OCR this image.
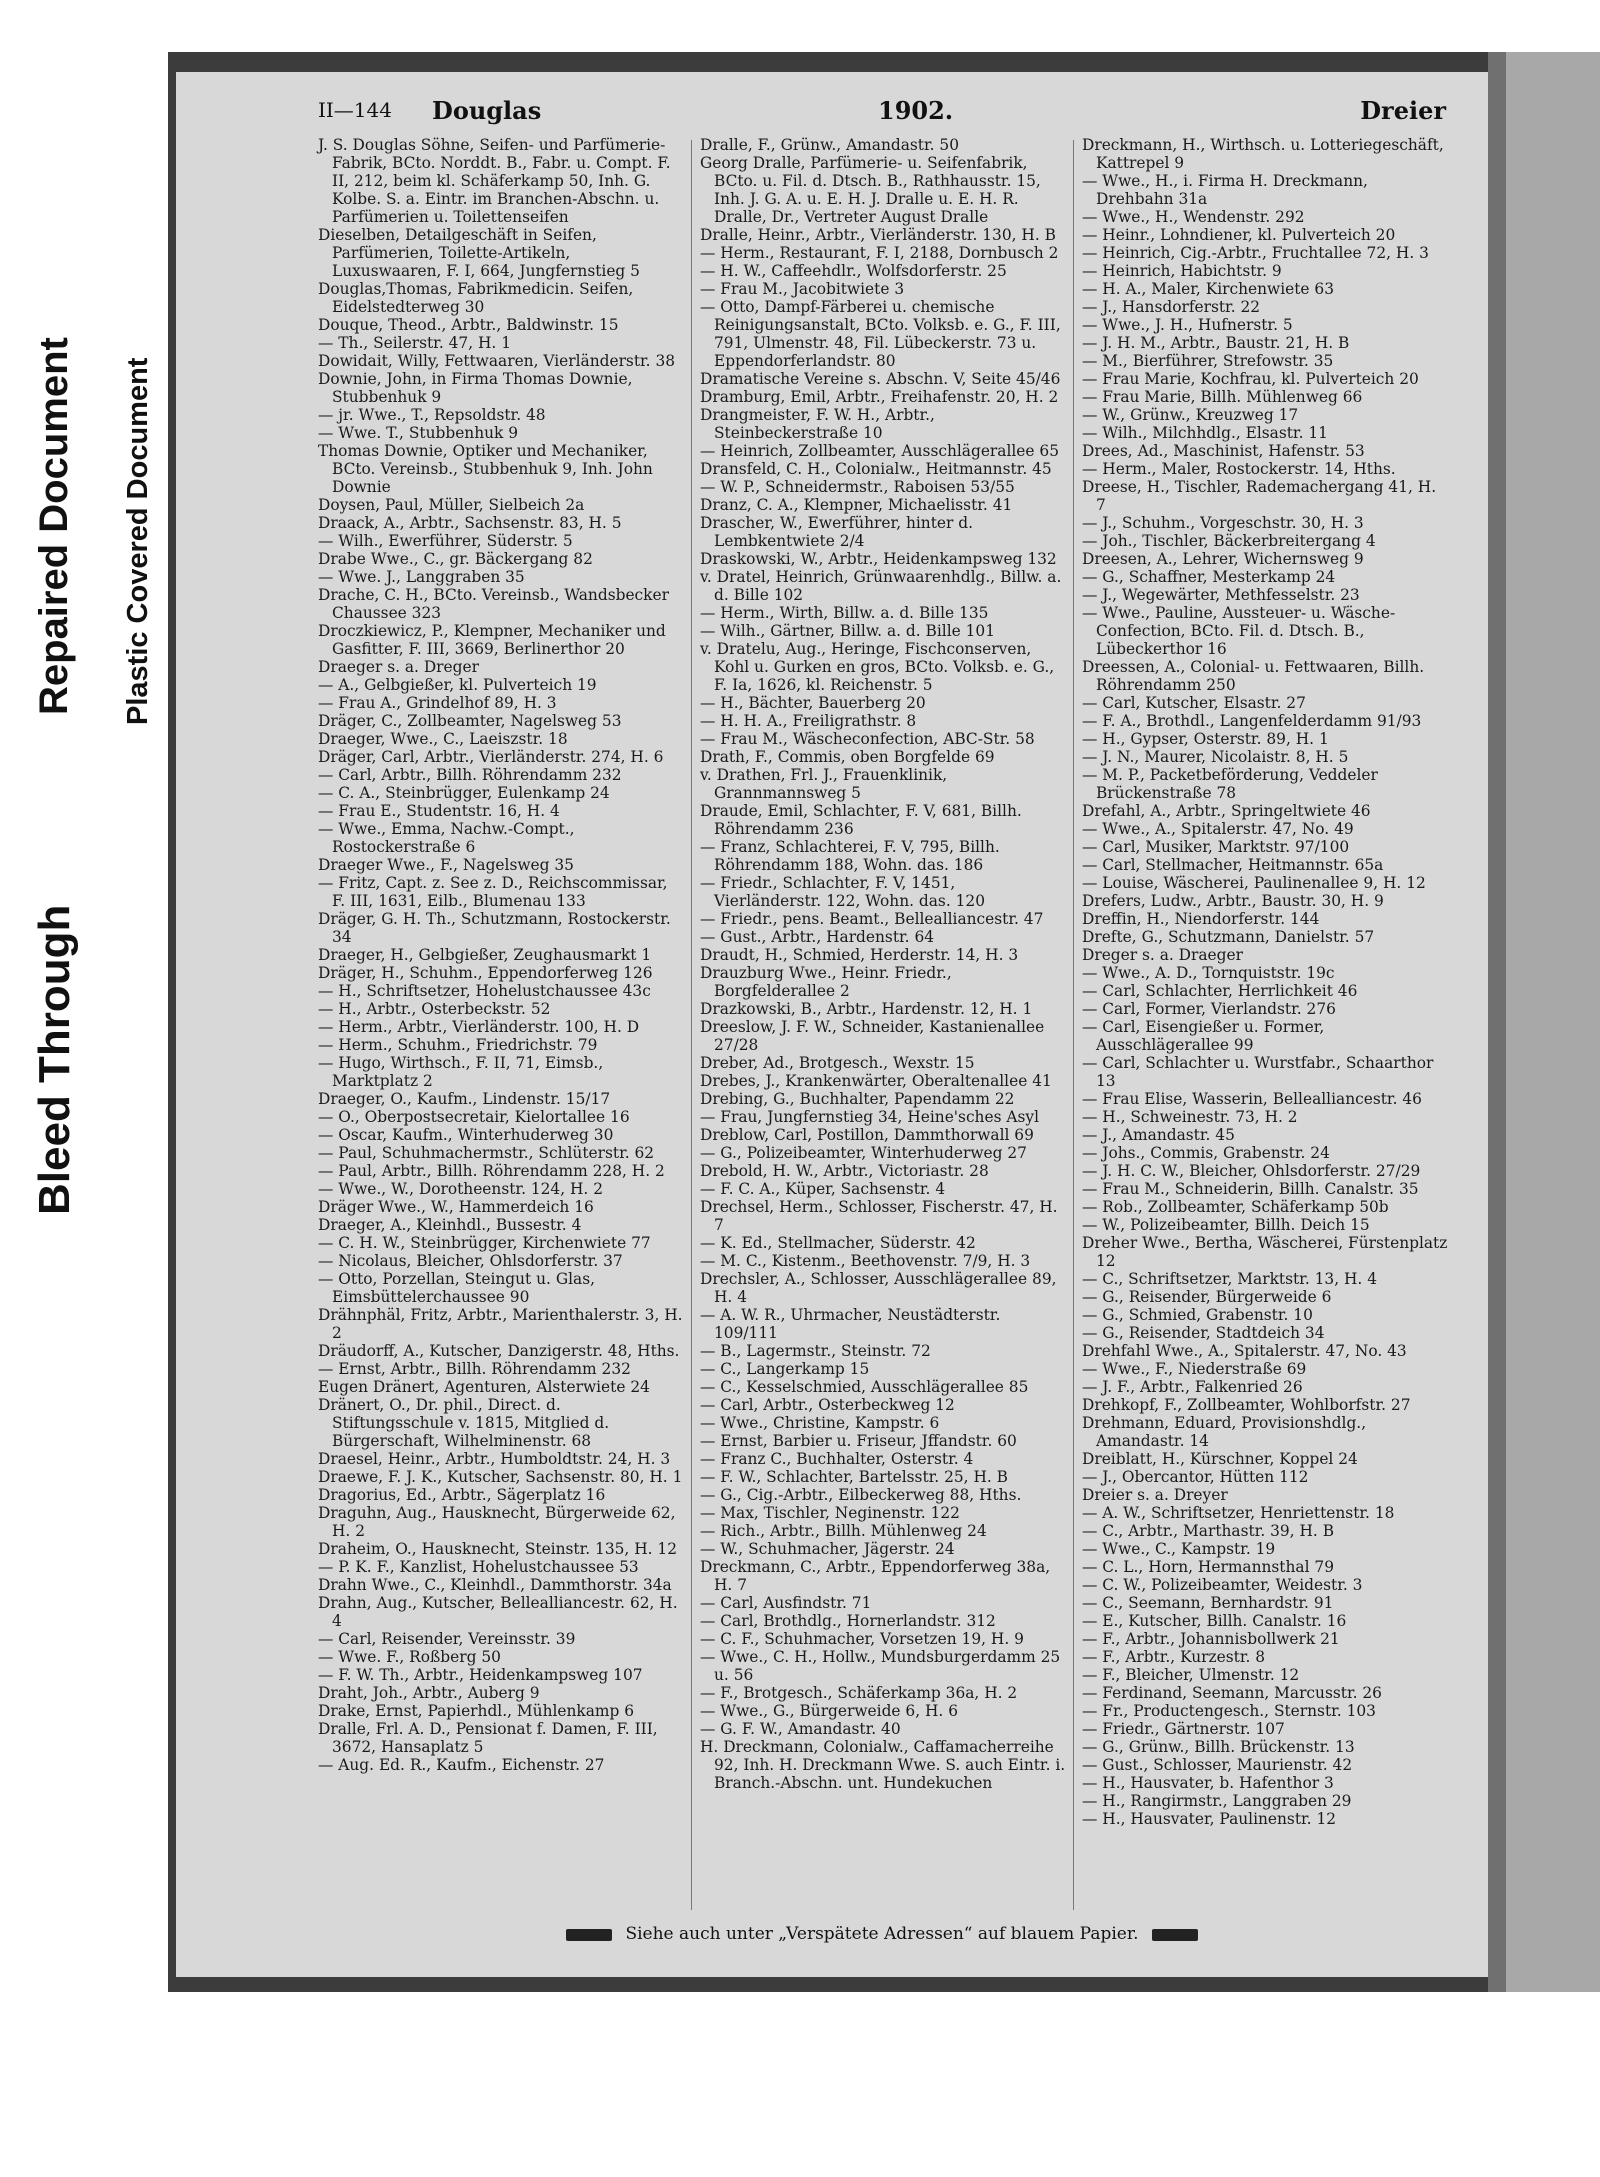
Bleed Through
Repaired Document Plastic Covered Document
II—144 Douglas	1902.	Dreier

J. S. Douglas Söhne, Seifen- und Parfümerie-Fabrik, BCto. Norddt. B., Fabr. u. Compt. F. II, 212, beim kl. Schäferkamp 50, Inh. G. Kolbe. S. a. Eintr. im Branchen-Abschn. u. Parfümerien u. Toilettenseifen

Dieselben, Detailgeschäft in Seifen, Parfümerien, Toilette-Artikeln, Luxuswaaren, F. I, 664, Jungfernstieg 5

Douglas,Thomas, Fabrikmedicin. Seifen, Eidelstedterweg 30

Douque, Theod., Arbtr., Baldwinstr. 15

— Th., Seilerstr. 47, H. 1

Dowidait, Willy, Fettwaaren, Vierländerstr. 38

Downie, John, in Firma Thomas Downie, Stubbenhuk 9

— jr. Wwe., T., Repsoldstr. 48

— Wwe. T., Stubbenhuk 9

Thomas Downie, Optiker und Mechaniker, BCto. Vereinsb., Stubbenhuk 9, Inh. John Downie

Doysen, Paul, Müller, Sielbeich 2a

Draack, A., Arbtr., Sachsenstr. 83, H. 5

— Wilh., Ewerführer, Süderstr. 5

Drabe Wwe., C., gr. Bäckergang 82

— Wwe. J., Langgraben 35

Drache, C. H., BCto. Vereinsb., Wandsbecker Chaussee 323

Droczkiewicz, P., Klempner, Mechaniker und Gasfitter, F. III, 3669, Berlinerthor 20

Draeger s. a. Dreger

— A., Gelbgießer, kl. Pulverteich 19

— Frau A., Grindelhof 89, H. 3

Dräger, C., Zollbeamter, Nagelsweg 53

Draeger, Wwe., C., Laeiszstr. 18

Dräger, Carl, Arbtr., Vierländerstr. 274, H. 6

— Carl, Arbtr., Billh. Röhrendamm 232

— C. A., Steinbrügger, Eulenkamp 24

— Frau E., Studentstr. 16, H. 4

— Wwe., Emma, Nachw.-Compt., Rostockerstraße 6

Draeger Wwe., F., Nagelsweg 35

— Fritz, Capt. z. See z. D., Reichscommissar, F. III, 1631, Eilb., Blumenau 133

Dräger, G. H. Th., Schutzmann, Rostockerstr. 34

Draeger, H., Gelbgießer, Zeughausmarkt 1

Dräger, H., Schuhm., Eppendorferweg 126

— H., Schriftsetzer, Hohelustchaussee 43c

— H., Arbtr., Osterbeckstr. 52

— Herm., Arbtr., Vierländerstr. 100, H. D

— Herm., Schuhm., Friedrichstr. 79

— Hugo, Wirthsch., F. II, 71, Eimsb., Marktplatz 2

Draeger, O., Kaufm., Lindenstr. 15/17

— O., Oberpostsecretair, Kielortallee 16

— Oscar, Kaufm., Winterhuderweg 30

— Paul, Schuhmachermstr., Schlüterstr. 62

— Paul, Arbtr., Billh. Röhrendamm 228, H. 2

— Wwe., W., Dorotheenstr. 124, H. 2

Dräger Wwe., W., Hammerdeich 16

Draeger, A., Kleinhdl., Bussestr. 4

— C. H. W., Steinbrügger, Kirchenwiete 77

— Nicolaus, Bleicher, Ohlsdorferstr. 37

— Otto, Porzellan, Steingut u. Glas, Eimsbüttelerchaussee 90

Drähnphäl, Fritz, Arbtr., Marienthalerstr. 3, H. 2

Dräudorff, A., Kutscher, Danzigerstr. 48, Hths.

— Ernst, Arbtr., Billh. Röhrendamm 232

Eugen Dränert, Agenturen, Alsterwiete 24

Dränert, O., Dr. phil., Direct. d. Stiftungsschule v. 1815, Mitglied d. Bürgerschaft, Wilhelminenstr. 68

Draesel, Heinr., Arbtr., Humboldtstr. 24, H. 3

Draewe, F. J. K., Kutscher, Sachsenstr. 80, H. 1

Dragorius, Ed., Arbtr., Sägerplatz 16

Draguhn, Aug., Hausknecht, Bürgerweide 62, H. 2

Draheim, O., Hausknecht, Steinstr. 135, H. 12

— P. K. F., Kanzlist, Hohelustchaussee 53

Drahn Wwe., C., Kleinhdl., Dammthorstr. 34a

Drahn, Aug., Kutscher, Bellealliancestr. 62, H. 4

— Carl, Reisender, Vereinsstr. 39

— Wwe. F., Roßberg 50

— F. W. Th., Arbtr., Heidenkampsweg 107

Draht, Joh., Arbtr., Auberg 9

Drake, Ernst, Papierhdl., Mühlenkamp 6

Dralle, Frl. A. D., Pensionat f. Damen, F. III, 3672, Hansaplatz 5

— Aug. Ed. R., Kaufm., Eichenstr. 27

Dralle, F., Grünw., Amandastr. 50

Georg Dralle, Parfümerie- u. Seifenfabrik, BCto. u. Fil. d. Dtsch. B., Rathhausstr. 15, Inh. J. G. A. u. E. H. J. Dralle u. E. H. R. Dralle, Dr., Vertreter August Dralle

Dralle, Heinr., Arbtr., Vierländerstr. 130, H. B

— Herm., Restaurant, F. I, 2188, Dornbusch 2

— H. W., Caffeehdlr., Wolfsdorferstr. 25

— Frau M., Jacobitwiete 3

— Otto, Dampf-Färberei u. chemische Reinigungsanstalt, BCto. Volksb. e. G., F. III, 791, Ulmenstr. 48, Fil. Lübeckerstr. 73 u. Eppendorferlandstr. 80

Dramatische Vereine s. Abschn. V, Seite 45/46

Dramburg, Emil, Arbtr., Freihafenstr. 20, H. 2

Drangmeister, F. W. H., Arbtr., Steinbeckerstraße 10

— Heinrich, Zollbeamter, Ausschlägerallee 65

Dransfeld, C. H., Colonialw., Heitmannstr. 45

— W. P., Schneidermstr., Raboisen 53/55

Dranz, C. A., Klempner, Michaelisstr. 41

Drascher, W., Ewerführer, hinter d. Lembkentwiete 2/4

Draskowski, W., Arbtr., Heidenkampsweg 132

v. Dratel, Heinrich, Grünwaarenhdlg., Billw. a. d. Bille 102

— Herm., Wirth, Billw. a. d. Bille 135

— Wilh., Gärtner, Billw. a. d. Bille 101

v. Dratelu, Aug., Heringe, Fischconserven, Kohl u. Gurken en gros, BCto. Volksb. e. G., F. Ia, 1626, kl. Reichenstr. 5

— H., Bächter, Bauerberg 20

— H. H. A., Freiligrathstr. 8

— Frau M., Wäscheconfection, ABC-Str. 58

Drath, F., Commis, oben Borgfelde 69

v. Drathen, Frl. J., Frauenklinik, Grannmannsweg 5

Draude, Emil, Schlachter, F. V, 681, Billh. Röhrendamm 236

— Franz, Schlachterei, F. V, 795, Billh. Röhrendamm 188, Wohn. das. 186

— Friedr., Schlachter, F. V, 1451, Vierländerstr. 122, Wohn. das. 120

— Friedr., pens. Beamt., Bellealliancestr. 47

— Gust., Arbtr., Hardenstr. 64

Draudt, H., Schmied, Herderstr. 14, H. 3

Drauzburg Wwe., Heinr. Friedr., Borgfelderallee 2

Drazkowski, B., Arbtr., Hardenstr. 12, H. 1

Dreeslow, J. F. W., Schneider, Kastanienallee 27/28

Dreber, Ad., Brotgesch., Wexstr. 15

Drebes, J., Krankenwärter, Oberaltenallee 41

Drebing, G., Buchhalter, Papendamm 22

— Frau, Jungfernstieg 34, Heine'sches Asyl

Dreblow, Carl, Postillon, Dammthorwall 69

— G., Polizeibeamter, Winterhuderweg 27

Drebold, H. W., Arbtr., Victoriastr. 28

— F. C. A., Küper, Sachsenstr. 4

Drechsel, Herm., Schlosser, Fischerstr. 47, H. 7

— K. Ed., Stellmacher, Süderstr. 42

— M. C., Kistenm., Beethovenstr. 7/9, H. 3

Drechsler, A., Schlosser, Ausschlägerallee 89, H. 4

— A. W. R., Uhrmacher, Neustädterstr. 109/111

— B., Lagermstr., Steinstr. 72

— C., Langerkamp 15

— C., Kesselschmied, Ausschlägerallee 85

— Carl, Arbtr., Osterbeckweg 12

— Wwe., Christine, Kampstr. 6

— Ernst, Barbier u. Friseur, Jffandstr. 60

— Franz C., Buchhalter, Osterstr. 4

— F. W., Schlachter, Bartelsstr. 25, H. B

— G., Cig.-Arbtr., Eilbeckerweg 88, Hths.

— Max, Tischler, Neginenstr. 122

— Rich., Arbtr., Billh. Mühlenweg 24

— W., Schuhmacher, Jägerstr. 24

Dreckmann, C., Arbtr., Eppendorferweg 38a, H. 7

— Carl, Ausfindstr. 71

— Carl, Brothdlg., Hornerlandstr. 312

— C. F., Schuhmacher, Vorsetzen 19, H. 9

— Wwe., C. H., Hollw., Mundsburgerdamm 25 u. 56

— F., Brotgesch., Schäferkamp 36a, H. 2

— Wwe., G., Bürgerweide 6, H. 6

— G. F. W., Amandastr. 40

H. Dreckmann, Colonialw., Caffamacherreihe 92, Inh. H. Dreckmann Wwe. S. auch Eintr. i. Branch.-Abschn. unt. Hundekuchen

Dreckmann, H., Wirthsch. u. Lotteriegeschäft, Kattrepel 9

— Wwe., H., i. Firma H. Dreckmann, Drehbahn 31a

— Wwe., H., Wendenstr. 292

— Heinr., Lohndiener, kl. Pulverteich 20

— Heinrich, Cig.-Arbtr., Fruchtallee 72, H. 3

— Heinrich, Habichtstr. 9

— H. A., Maler, Kirchenwiete 63

— J., Hansdorferstr. 22

— Wwe., J. H., Hufnerstr. 5

— J. H. M., Arbtr., Baustr. 21, H. B

— M., Bierführer, Strefowstr. 35

— Frau Marie, Kochfrau, kl. Pulverteich 20

— Frau Marie, Billh. Mühlenweg 66

— W., Grünw., Kreuzweg 17

— Wilh., Milchhdlg., Elsastr. 11

Drees, Ad., Maschinist, Hafenstr. 53

— Herm., Maler, Rostockerstr. 14, Hths.

Dreese, H., Tischler, Rademachergang 41, H. 7

— J., Schuhm., Vorgeschstr. 30, H. 3

— Joh., Tischler, Bäckerbreitergang 4

Dreesen, A., Lehrer, Wichernsweg 9

— G., Schaffner, Mesterkamp 24

— J., Wegewärter, Methfesselstr. 23

— Wwe., Pauline, Aussteuer- u. Wäsche-Confection, BCto. Fil. d. Dtsch. B., Lübeckerthor 16

Dreessen, A., Colonial- u. Fettwaaren, Billh. Röhrendamm 250

— Carl, Kutscher, Elsastr. 27

— F. A., Brothdl., Langenfelderdamm 91/93

— H., Gypser, Osterstr. 89, H. 1

— J. N., Maurer, Nicolaistr. 8, H. 5

— M. P., Packetbeförderung, Veddeler Brückenstraße 78

Drefahl, A., Arbtr., Springeltwiete 46

— Wwe., A., Spitalerstr. 47, No. 49

— Carl, Musiker, Marktstr. 97/100

— Carl, Stellmacher, Heitmannstr. 65a

— Louise, Wäscherei, Paulinenallee 9, H. 12

Drefers, Ludw., Arbtr., Baustr. 30, H. 9

Dreffin, H., Niendorferstr. 144

Drefte, G., Schutzmann, Danielstr. 57

Dreger s. a. Draeger

— Wwe., A. D., Tornquiststr. 19c

— Carl, Schlachter, Herrlichkeit 46

— Carl, Former, Vierlandstr. 276

— Carl, Eisengießer u. Former, Ausschlägerallee 99

— Carl, Schlachter u. Wurstfabr., Schaarthor 13

— Frau Elise, Wasserin, Bellealliancestr. 46

— H., Schweinestr. 73, H. 2

— J., Amandastr. 45

— Johs., Commis, Grabenstr. 24

— J. H. C. W., Bleicher, Ohlsdorferstr. 27/29

— Frau M., Schneiderin, Billh. Canalstr. 35

— Rob., Zollbeamter, Schäferkamp 50b

— W., Polizeibeamter, Billh. Deich 15

Dreher Wwe., Bertha, Wäscherei, Fürstenplatz 12

— C., Schriftsetzer, Marktstr. 13, H. 4

— G., Reisender, Bürgerweide 6

— G., Schmied, Grabenstr. 10

— G., Reisender, Stadtdeich 34

Drehfahl Wwe., A., Spitalerstr. 47, No. 43

— Wwe., F., Niederstraße 69

— J. F., Arbtr., Falkenried 26

Drehkopf, F., Zollbeamter, Wohlborfstr. 27

Drehmann, Eduard, Provisionshdlg., Amandastr. 14

Dreiblatt, H., Kürschner, Koppel 24

— J., Obercantor, Hütten 112

Dreier s. a. Dreyer

— A. W., Schriftsetzer, Henriettenstr. 18

— C., Arbtr., Marthastr. 39, H. B

— Wwe., C., Kampstr. 19

— C. L., Horn, Hermannsthal 79

— C. W., Polizeibeamter, Weidestr. 3

— C., Seemann, Bernhardstr. 91

— E., Kutscher, Billh. Canalstr. 16

— F., Arbtr., Johannisbollwerk 21

— F., Arbtr., Kurzestr. 8

— F., Bleicher, Ulmenstr. 12

— Ferdinand, Seemann, Marcusstr. 26

— Fr., Productengesch., Sternstr. 103

— Friedr., Gärtnerstr. 107

— G., Grünw., Billh. Brückenstr. 13

— Gust., Schlosser, Maurienstr. 42

— H., Hausvater, b. Hafenthor 3

— H., Rangirmstr., Langgraben 29

— H., Hausvater, Paulinenstr. 12

Siehe auch unter „Verspätete Adressen“ auf blauem Papier.
